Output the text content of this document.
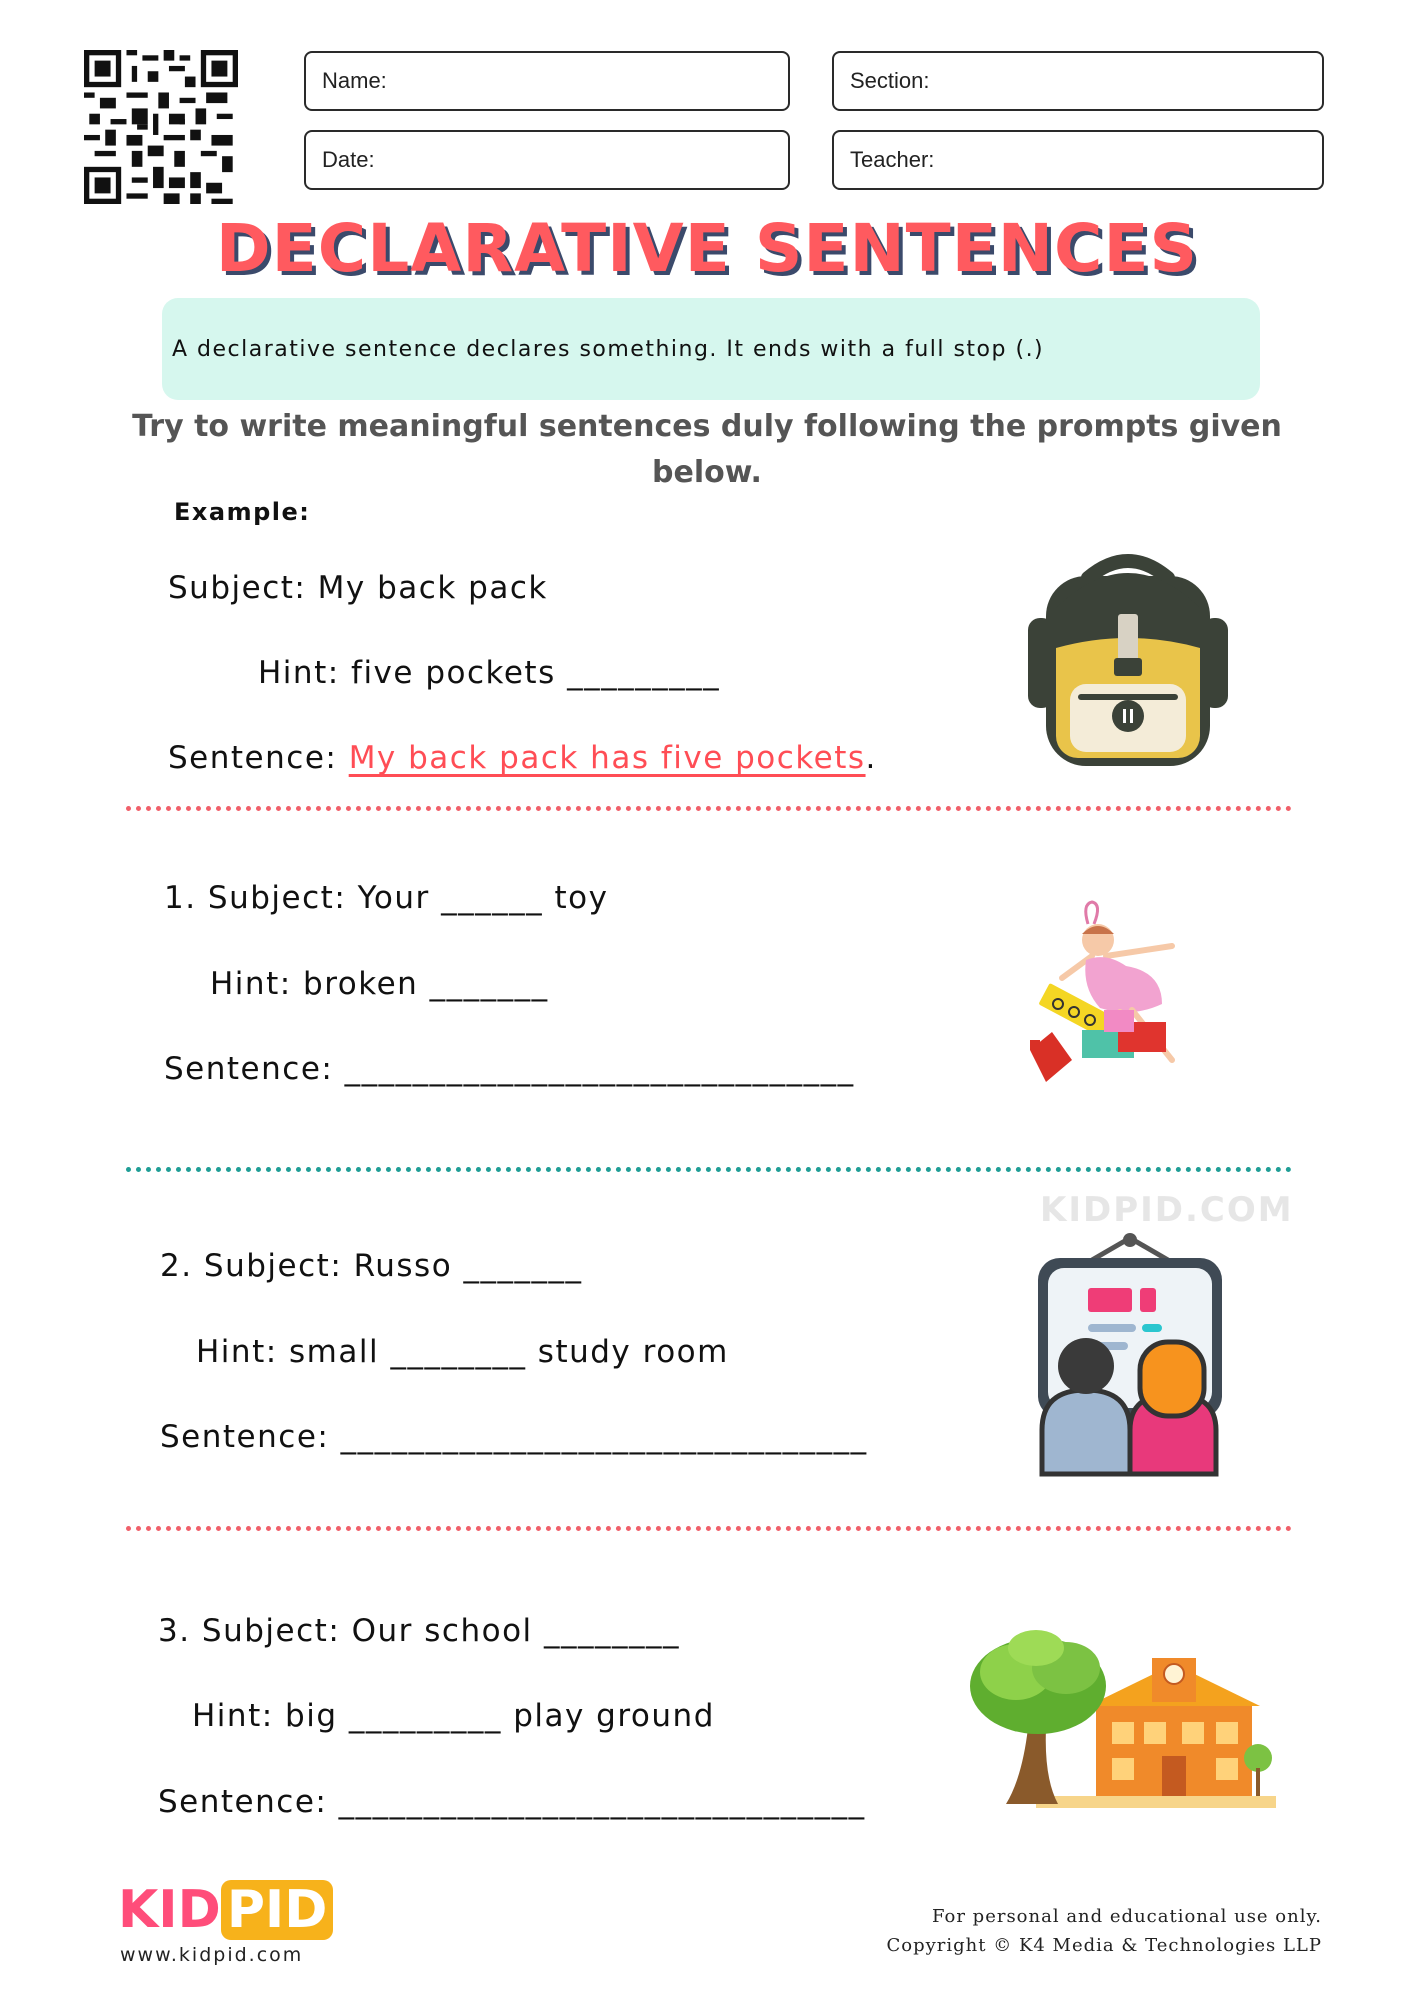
Name:	Section:
Date:	Teacher:
DECLARATIVE SENTENCES
A declarative sentence declares something. It ends with a full stop (.)
Try to write meaningful sentences duly following the prompts given below.
Example:
Subject: My back pack
Hint: five pockets _________
Sentence: My back pack has five pockets.
1. Subject: Your ______ toy
Hint: broken _______
Sentence: ______________________________
KIDPID.COM
2. Subject: Russo _______
Hint: small ________ study room
Sentence: _______________________________
3. Subject: Our school ________
Hint: big _________ play ground
Sentence: _______________________________
KID PID
www.kidpid.com
For personal and educational use only.
Copyright © K4 Media & Technologies LLP
